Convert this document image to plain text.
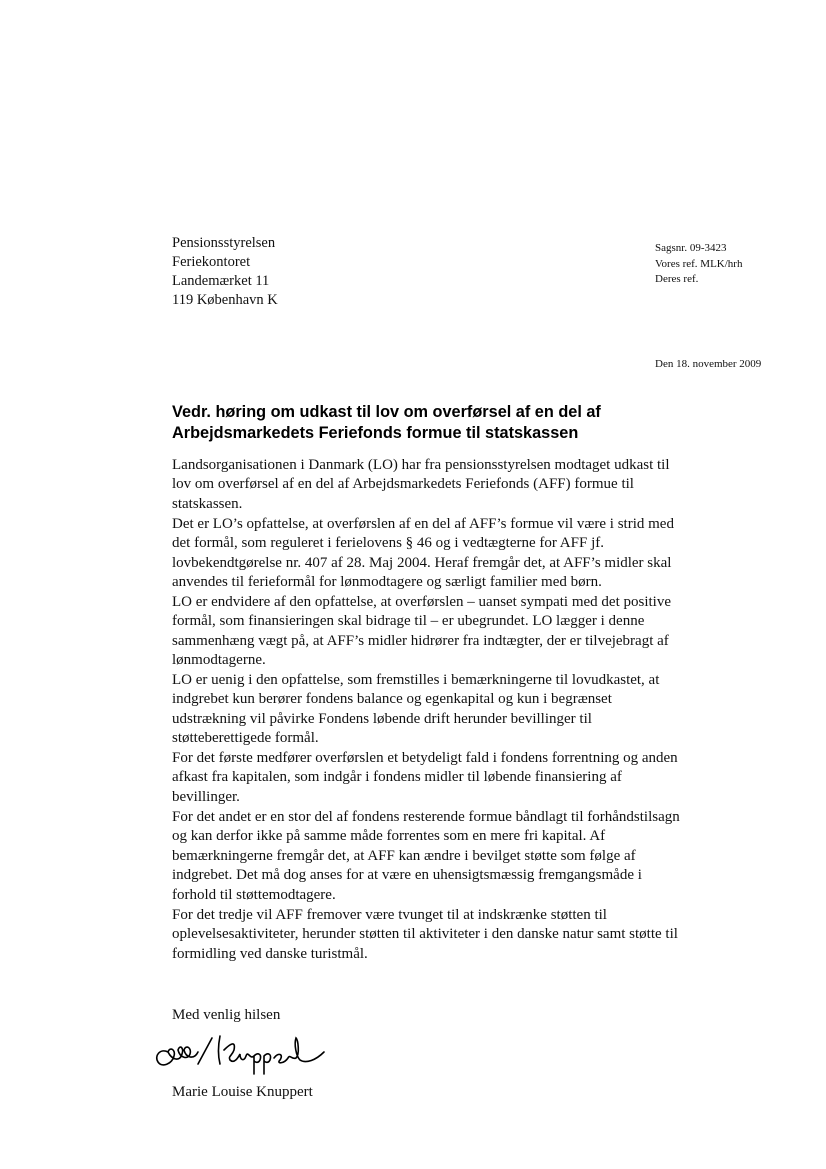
Pensionsstyrelsen
Feriekontoret
Landemærket 11
119 København K
Sagsnr. 09-3423
Vores ref. MLK/hrh
Deres ref.
Den 18. november 2009
Vedr. høring om udkast til lov om overførsel af en del af
Arbejdsmarkedets Feriefonds formue til statskassen
Landsorganisationen i Danmark (LO) har fra pensionsstyrelsen modtaget udkast til
lov om overførsel af en del af Arbejdsmarkedets Feriefonds (AFF) formue til
statskassen.
Det er LO’s opfattelse, at overførslen af en del af AFF’s formue vil være i strid med
det formål, som reguleret i ferielovens § 46 og i vedtægterne for AFF jf.
lovbekendtgørelse nr. 407 af 28. Maj 2004. Heraf fremgår det, at AFF’s midler skal
anvendes til ferieformål for lønmodtagere og særligt familier med børn.
LO er endvidere af den opfattelse, at overførslen – uanset sympati med det positive
formål, som finansieringen skal bidrage til – er ubegrundet. LO lægger i denne
sammenhæng vægt på, at AFF’s midler hidrører fra indtægter, der er tilvejebragt af
lønmodtagerne.
LO er uenig i den opfattelse, som fremstilles i bemærkningerne til lovudkastet, at
indgrebet kun berører fondens balance og egenkapital og kun i begrænset
udstrækning vil påvirke Fondens løbende drift herunder bevillinger til
støtteberettigede formål.
For det første medfører overførslen et betydeligt fald i fondens forrentning og anden
afkast fra kapitalen, som indgår i fondens midler til løbende finansiering af
bevillinger.
For det andet er en stor del af fondens resterende formue båndlagt til forhåndstilsagn
og kan derfor ikke på samme måde forrentes som en mere fri kapital. Af
bemærkningerne fremgår det, at AFF kan ændre i bevilget støtte som følge af
indgrebet. Det må dog anses for at være en uhensigtsmæssig fremgangsmåde i
forhold til støttemodtagere.
For det tredje vil AFF fremover være tvunget til at indskrænke støtten til
oplevelsesaktiviteter, herunder støtten til aktiviteter i den danske natur samt støtte til
formidling ved danske turistmål.
Med venlig hilsen
Marie Louise Knuppert
